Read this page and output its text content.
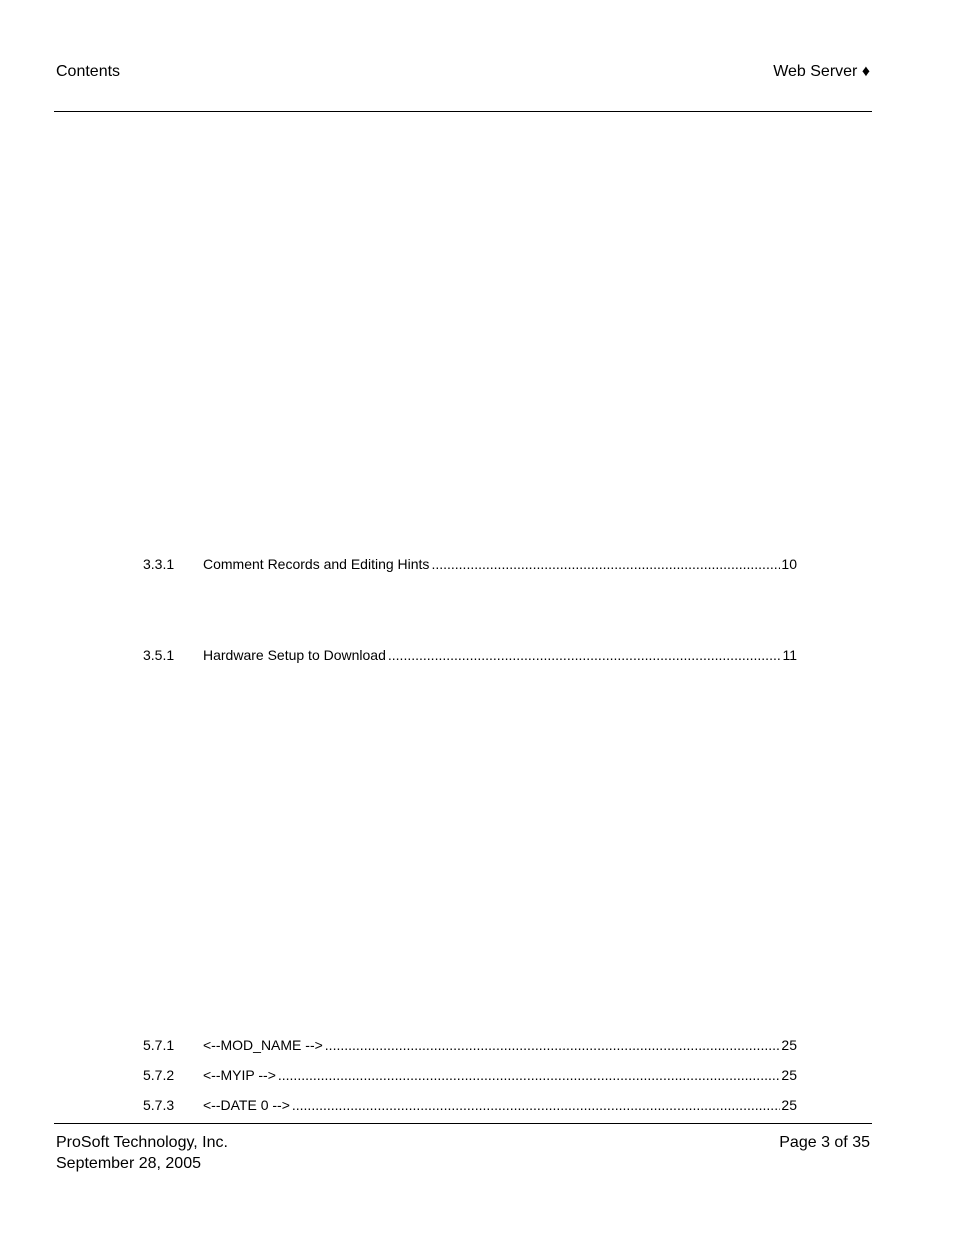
Contents	Web Server ♦
3.3.1	Comment Records and Editing Hints .....	10
3.5.1	Hardware Setup to Download .....	11
5.7.1	<--MOD_NAME --> .....	25
5.7.2	<--MYIP --> .....	25
5.7.3	<--DATE 0 --> .....	25
ProSoft Technology, Inc.
September 28, 2005
Page 3 of 35
